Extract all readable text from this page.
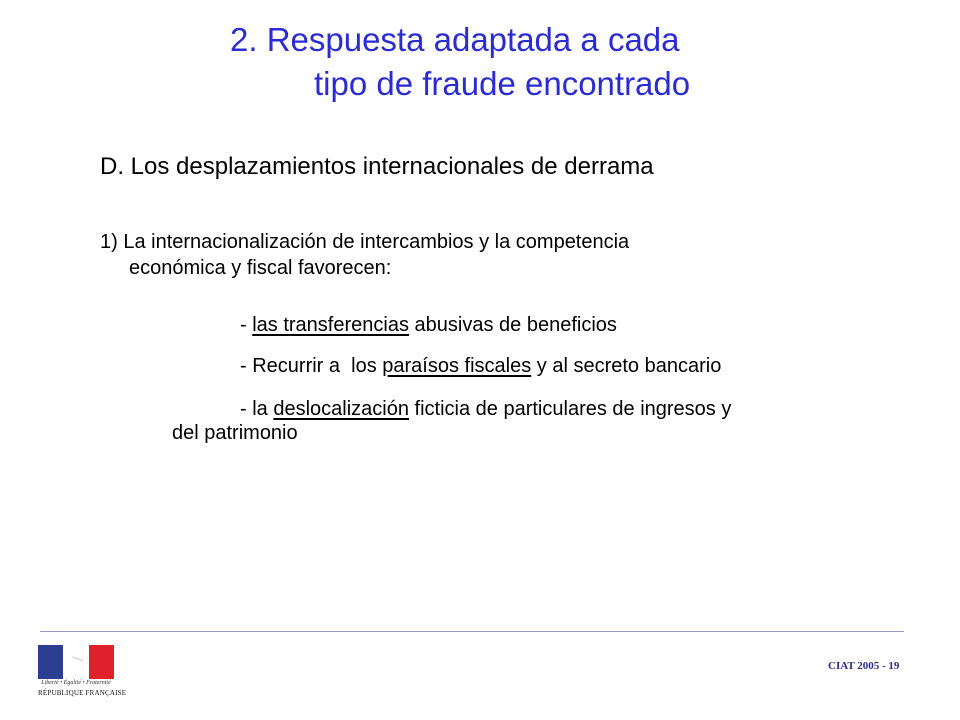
2. Respuesta adaptada a cada
tipo de fraude encontrado
D. Los desplazamientos internacionales de derrama
1) La internacionalización de intercambios y la competencia
económica y fiscal favorecen:
- las transferencias abusivas de beneficios
- Recurrir a  los paraísos fiscales y al secreto bancario
- la deslocalización ficticia de particulares de ingresos y
del patrimonio
Liberté • Égalité • Fraternité
RÉPUBLIQUE FRANÇAISE
CIAT 2005 - 19
